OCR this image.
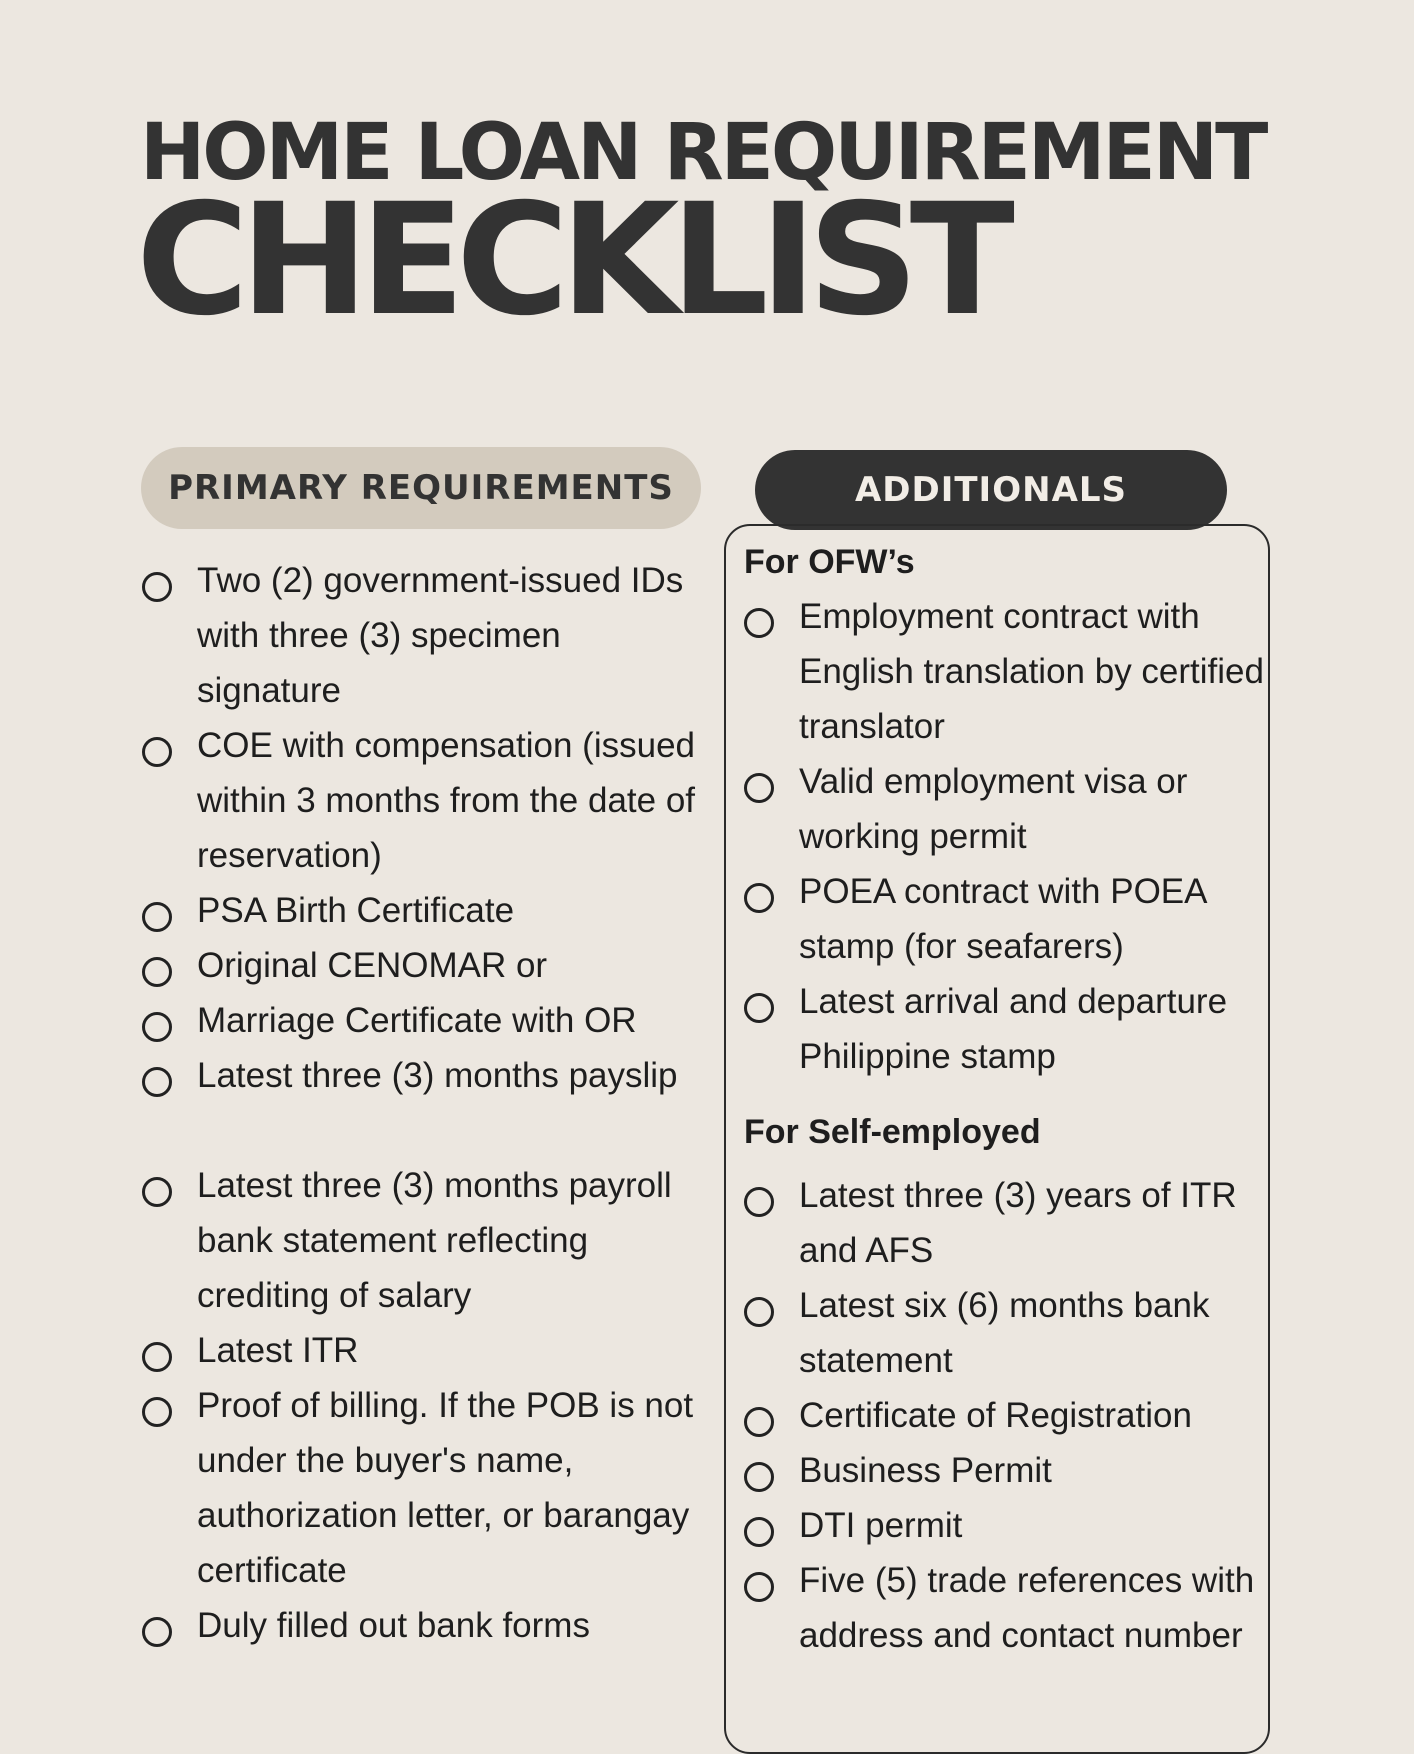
HOME LOAN REQUIREMENT
CHECKLIST
PRIMARY REQUIREMENTS	ADDITIONALS
Two (2) government-issued IDs with three (3) specimen signature
COE with compensation (issued within 3 months from the date of reservation)
PSA Birth Certificate
Original CENOMAR or
Marriage Certificate with OR
Latest three (3) months payslip
Latest three (3) months payroll bank statement reflecting crediting of salary
Latest ITR
Proof of billing. If the POB is not under the buyer's name, authorization letter, or barangay certificate
Duly filled out bank forms
For OFW’s
Employment contract with English translation by certified translator
Valid employment visa or working permit
POEA contract with POEA stamp (for seafarers)
Latest arrival and departure Philippine stamp
For Self-employed
Latest three (3) years of ITR and AFS
Latest six (6) months bank statement
Certificate of Registration
Business Permit
DTI permit
Five (5) trade references with address and contact number
